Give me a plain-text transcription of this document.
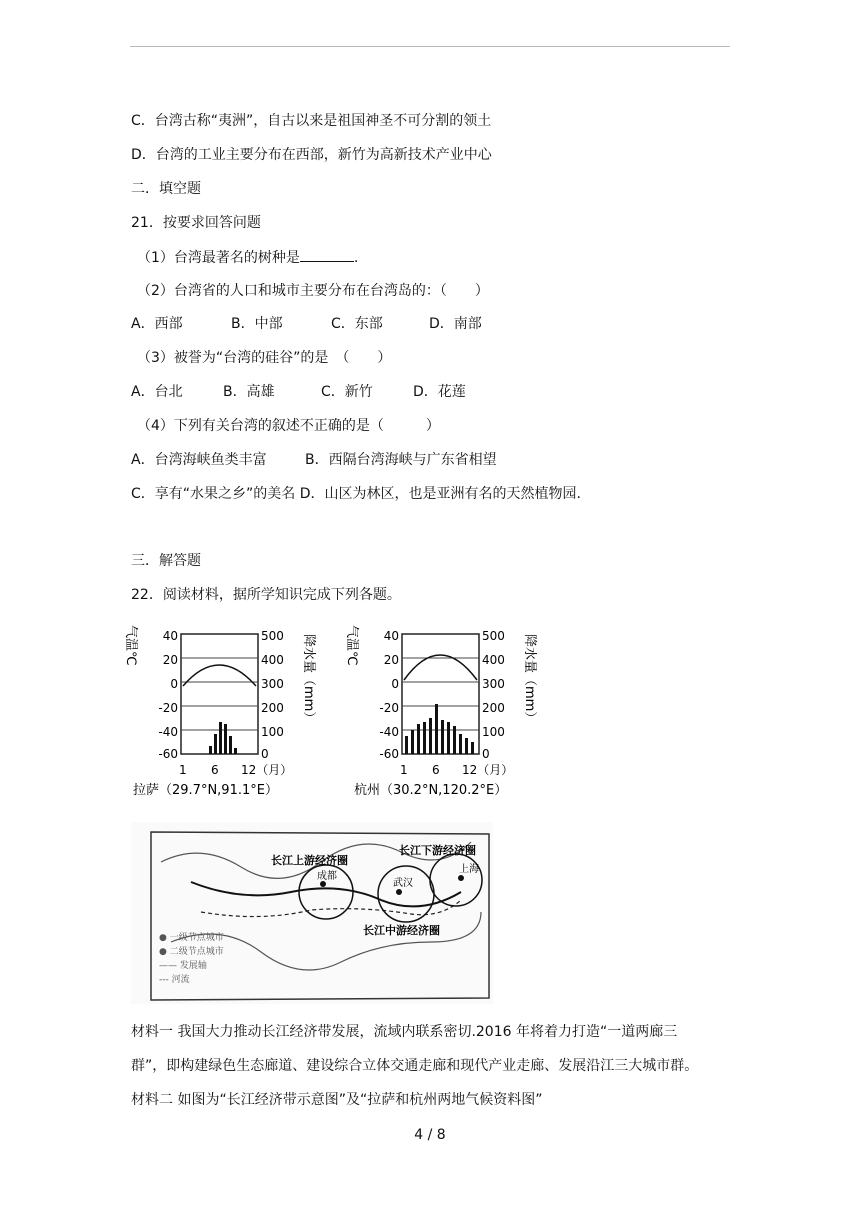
C．台湾古称“夷洲”，自古以来是祖国神圣不可分割的领土
D．台湾的工业主要分布在西部，新竹为高新技术产业中心
二．填空题
21．按要求回答问题
（1）台湾最著名的树种是	.
（2）台湾省的人口和城市主要分布在台湾岛的：（　　）
A．西部	B．中部	C．东部	D．南部
（3）被誉为“台湾的硅谷”的是　（　　）
A．台北	B．高雄	C．新竹	D．花莲
（4）下列有关台湾的叙述不正确的是（　　　）
A．台湾海峡鱼类丰富	B．西隔台湾海峡与广东省相望
C．享有“水果之乡”的美名 D．山区为林区，也是亚洲有名的天然植物园.
三．解答题
22．阅读材料，据所学知识完成下列各题。
气温℃ 40
20
0
-20
-40
-60
500
400
300
200
100
0
降水量（mm）
1 6 12（月）
拉萨（29.7°N,91.1°E）
气温℃ 40
20
0
-20
-40
-60
500
400
300
200
100
0
降水量（mm）
1 6 12（月）
杭州（30.2°N,120.2°E）
长江上游经济圈
长江下游经济圈
长江中游经济圈
成都
武汉
上海
● 一级节点城市
● 二级节点城市
—— 发展轴
--- 河流
材料一 我国大力推动长江经济带发展，流域内联系密切.2016 年将着力打造“一道两廊三
群”，即构建绿色生态廊道、建设综合立体交通走廊和现代产业走廊、发展沿江三大城市群。
材料二 如图为“长江经济带示意图”及“拉萨和杭州两地气候资料图”
4 / 8
